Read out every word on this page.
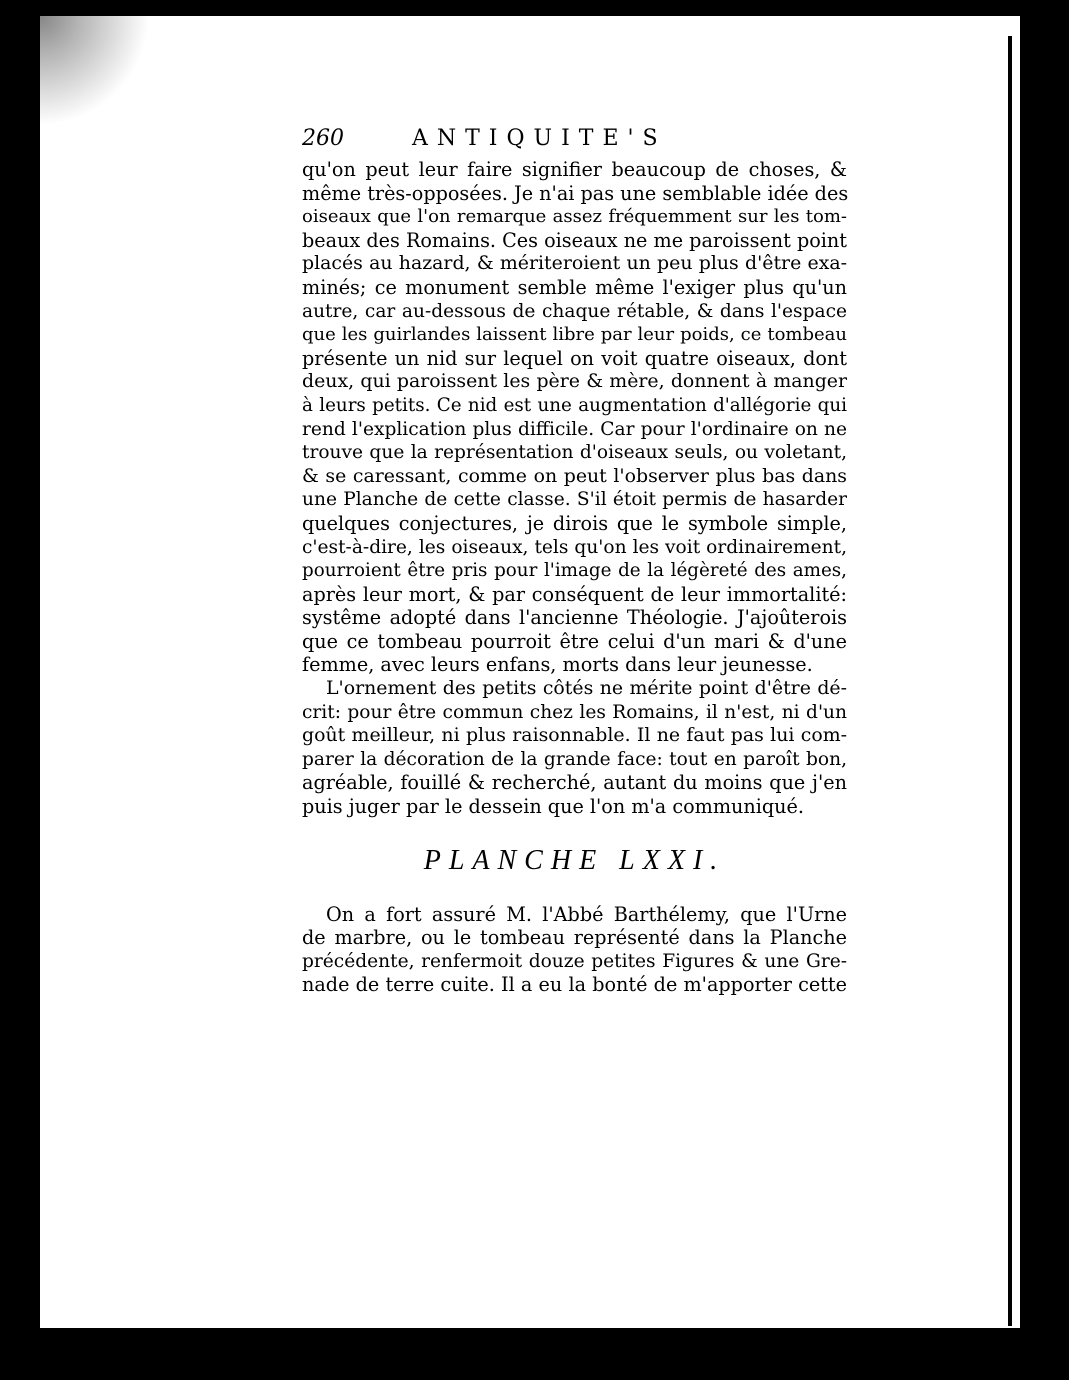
260	ANTIQUITE'S
qu'on peut leur faire signifier beaucoup de choses, &
même très-opposées. Je n'ai pas une semblable idée des
oiseaux que l'on remarque assez fréquemment sur les tom-
beaux des Romains. Ces oiseaux ne me paroissent point
placés au hazard, & mériteroient un peu plus d'être exa-
minés; ce monument semble même l'exiger plus qu'un
autre, car au-dessous de chaque rétable, & dans l'espace
que les guirlandes laissent libre par leur poids, ce tombeau
présente un nid sur lequel on voit quatre oiseaux, dont
deux, qui paroissent les père & mère, donnent à manger
à leurs petits. Ce nid est une augmentation d'allégorie qui
rend l'explication plus difficile. Car pour l'ordinaire on ne
trouve que la représentation d'oiseaux seuls, ou voletant,
& se caressant, comme on peut l'observer plus bas dans
une Planche de cette classe. S'il étoit permis de hasarder
quelques conjectures, je dirois que le symbole simple,
c'est-à-dire, les oiseaux, tels qu'on les voit ordinairement,
pourroient être pris pour l'image de la légèreté des ames,
après leur mort, & par conséquent de leur immortalité:
systême adopté dans l'ancienne Théologie. J'ajoûterois
que ce tombeau pourroit être celui d'un mari & d'une
femme, avec leurs enfans, morts dans leur jeunesse.
L'ornement des petits côtés ne mérite point d'être dé-
crit: pour être commun chez les Romains, il n'est, ni d'un
goût meilleur, ni plus raisonnable. Il ne faut pas lui com-
parer la décoration de la grande face: tout en paroît bon,
agréable, fouillé & recherché, autant du moins que j'en
puis juger par le dessein que l'on m'a communiqué.
PLANCHE LXXI.
On a fort assuré M. l'Abbé Barthélemy, que l'Urne
de marbre, ou le tombeau représenté dans la Planche
précédente, renfermoit douze petites Figures & une Gre-
nade de terre cuite. Il a eu la bonté de m'apporter cette
